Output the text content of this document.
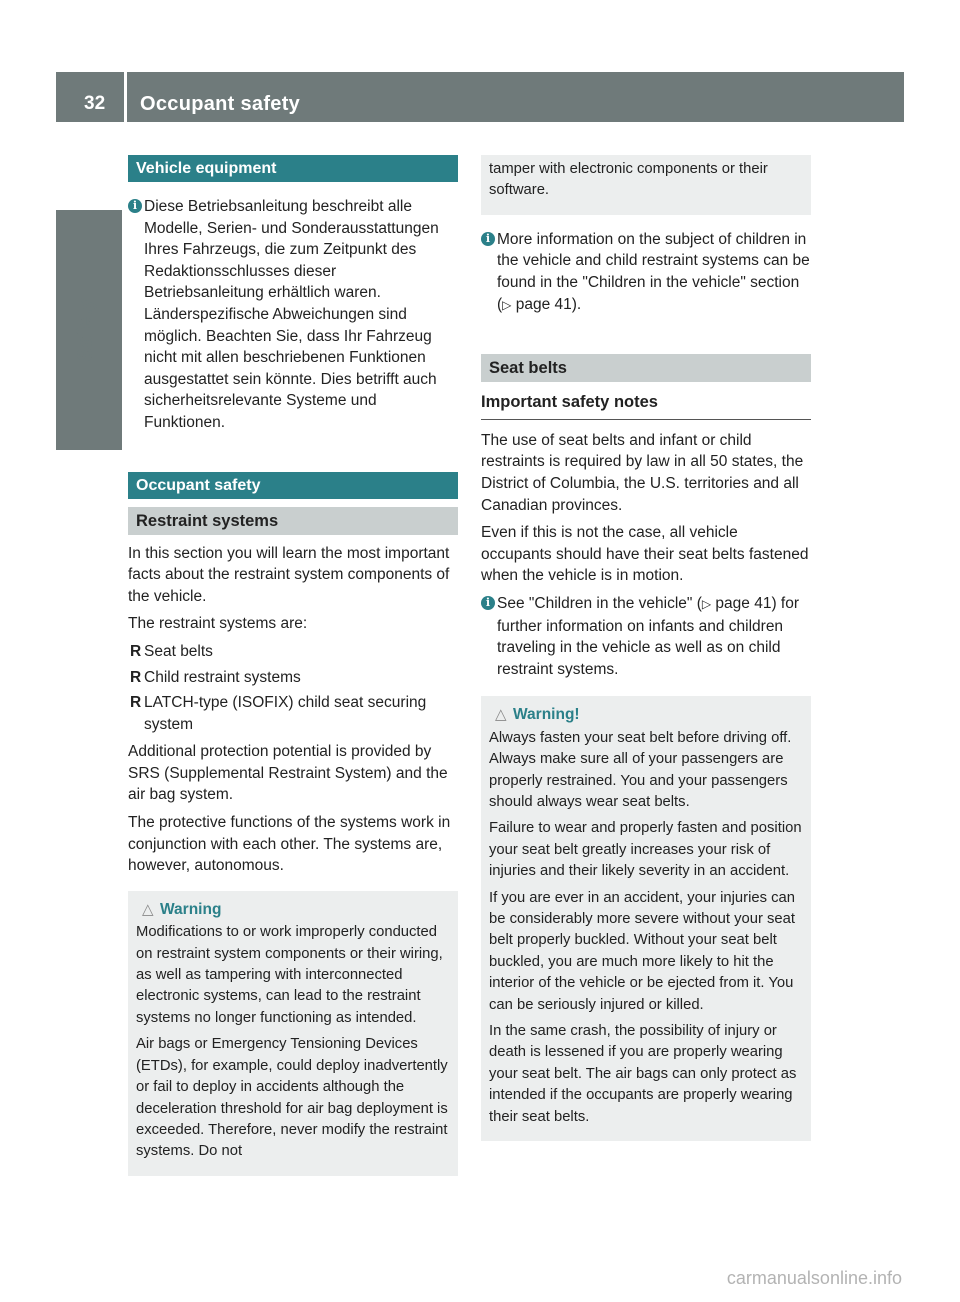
32	Occupant safety
Safety
Vehicle equipment
i Diese Betriebsanleitung beschreibt alle Modelle, Serien- und Sonderausstattungen Ihres Fahrzeugs, die zum Zeitpunkt des Redaktionsschlusses dieser Betriebsanleitung erhältlich waren. Länderspezifische Abweichungen sind möglich. Beachten Sie, dass Ihr Fahrzeug nicht mit allen beschriebenen Funktionen ausgestattet sein könnte. Dies betrifft auch sicherheitsrelevante Systeme und Funktionen.
Occupant safety
Restraint systems

In this section you will learn the most important facts about the restraint system components of the vehicle.

The restraint systems are:

R Seat belts
R Child restraint systems
R LATCH-type (ISOFIX) child seat securing system

Additional protection potential is provided by SRS (Supplemental Restraint System) and the air bag system.

The protective functions of the systems work in conjunction with each other. The systems are, however, autonomous.

△ Warning

Modifications to or work improperly conducted on restraint system components or their wiring, as well as tampering with interconnected electronic systems, can lead to the restraint systems no longer functioning as intended.

Air bags or Emergency Tensioning Devices (ETDs), for example, could deploy inadvertently or fail to deploy in accidents although the deceleration threshold for air bag deployment is exceeded. Therefore, never modify the restraint systems. Do not

tamper with electronic components or their software.

i More information on the subject of children in the vehicle and child restraint systems can be found in the "Children in the vehicle" section (▷ page 41).
Seat belts
Important safety notes

The use of seat belts and infant or child restraints is required by law in all 50 states, the District of Columbia, the U.S. territories and all Canadian provinces.

Even if this is not the case, all vehicle occupants should have their seat belts fastened when the vehicle is in motion.

i See "Children in the vehicle" (▷ page 41) for further information on infants and children traveling in the vehicle as well as on child restraint systems.
△ Warning!

Always fasten your seat belt before driving off. Always make sure all of your passengers are properly restrained. You and your passengers should always wear seat belts.

Failure to wear and properly fasten and position your seat belt greatly increases your risk of injuries and their likely severity in an accident.

If you are ever in an accident, your injuries can be considerably more severe without your seat belt properly buckled. Without your seat belt buckled, you are much more likely to hit the interior of the vehicle or be ejected from it. You can be seriously injured or killed.

In the same crash, the possibility of injury or death is lessened if you are properly wearing your seat belt. The air bags can only protect as intended if the occupants are properly wearing their seat belts.

carmanualsonline.info
